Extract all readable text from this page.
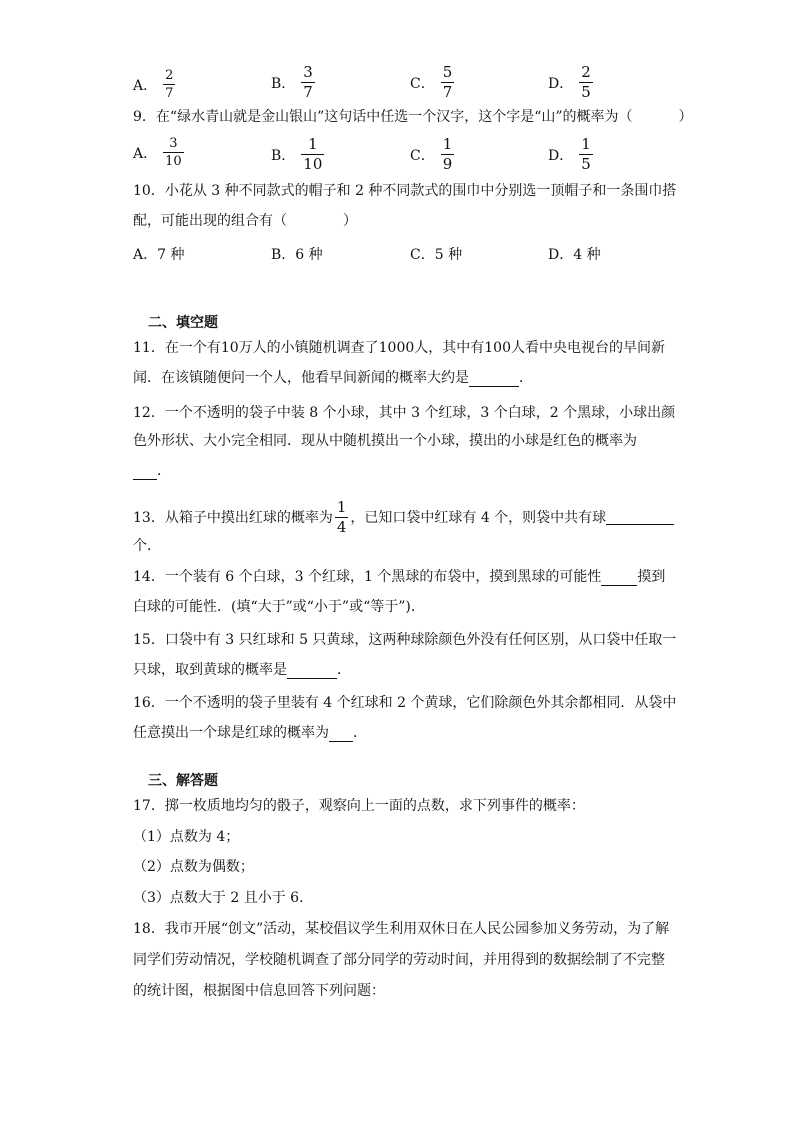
A． $\frac{2}{7}$	B． $\frac{3}{7}$	C． $\frac{5}{7}$	D． $\frac{2}{5}$
9．在“绿水青山就是金山银山”这句话中任选一个汉字，这个字是“山”的概率为（	）
A． $\frac{3}{10}$	B． $\frac{1}{10}$	C． $\frac{1}{9}$	D． $\frac{1}{5}$
10．小花从 3 种不同款式的帽子和 2 种不同款式的围巾中分别选一顶帽子和一条围巾搭
配，可能出现的组合有（	）
A．7 种	B．6 种	C．5 种	D．4 种
二、填空题
11．在一个有10万人的小镇随机调查了1000人，其中有100人看中央电视台的早间新
闻．在该镇随便问一个人，他看早间新闻的概率大约是	．
12．一个不透明的袋子中装 8 个小球，其中 3 个红球，3 个白球，2 个黑球，小球出颜
色外形状、大小完全相同．现从中随机摸出一个小球，摸出的小球是红色的概率为
．
13．从箱子中摸出红球的概率为 $\frac{1}{4}$ ，已知口袋中红球有 4 个，则袋中共有球
个．
14．一个装有 6 个白球，3 个红球，1 个黑球的布袋中，摸到黑球的可能性	摸到
白球的可能性．(填“大于”或“小于”或“等于”)．
15．口袋中有 3 只红球和 5 只黄球，这两种球除颜色外没有任何区别，从口袋中任取一
只球，取到黄球的概率是	．
16．一个不透明的袋子里装有 4 个红球和 2 个黄球，它们除颜色外其余都相同．从袋中
任意摸出一个球是红球的概率为 ．
三、解答题
17．掷一枚质地均匀的骰子，观察向上一面的点数，求下列事件的概率：
（1）点数为 4；
（2）点数为偶数；
（3）点数大于 2 且小于 6．
18．我市开展“创文”活动，某校倡议学生利用双休日在人民公园参加义务劳动，为了解
同学们劳动情况，学校随机调查了部分同学的劳动时间，并用得到的数据绘制了不完整
的统计图，根据图中信息回答下列问题：
